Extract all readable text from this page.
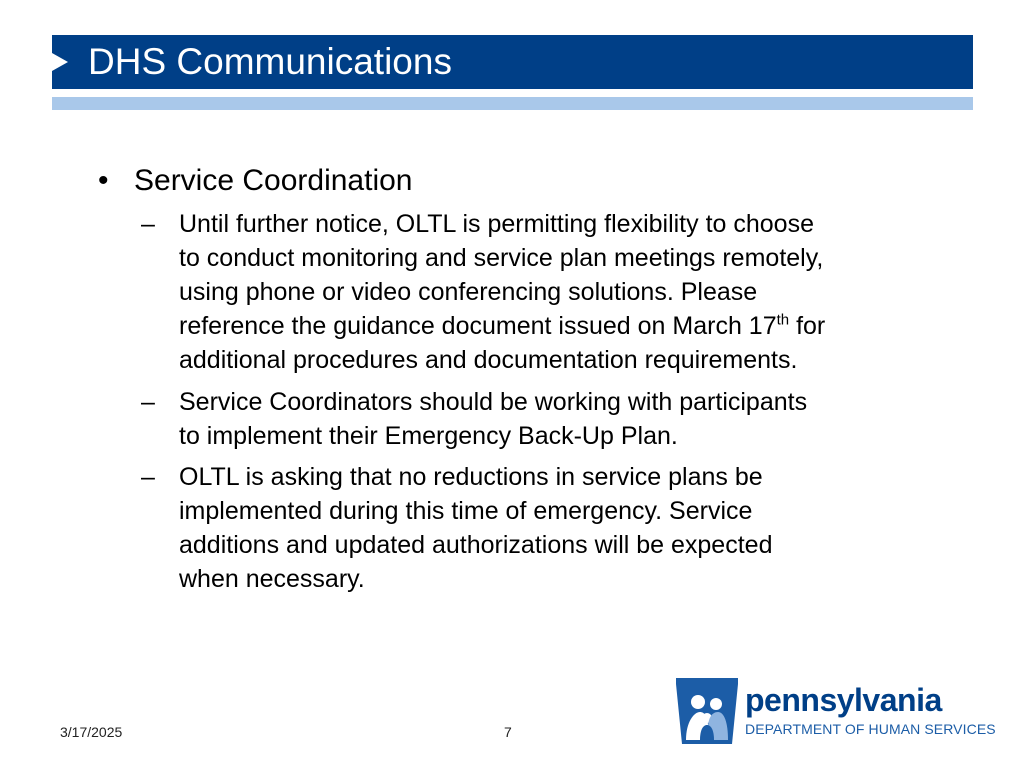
DHS Communications
• Service Coordination
– Until further notice, OLTL is permitting flexibility to choose
to conduct monitoring and service plan meetings remotely,
using phone or video conferencing solutions. Please
reference the guidance document issued on March 17th for
additional procedures and documentation requirements.
– Service Coordinators should be working with participants
to implement their Emergency Back-Up Plan.
– OLTL is asking that no reductions in service plans be
implemented during this time of emergency. Service
additions and updated authorizations will be expected
when necessary.
3/17/2025	7
pennsylvania
DEPARTMENT OF HUMAN SERVICES
